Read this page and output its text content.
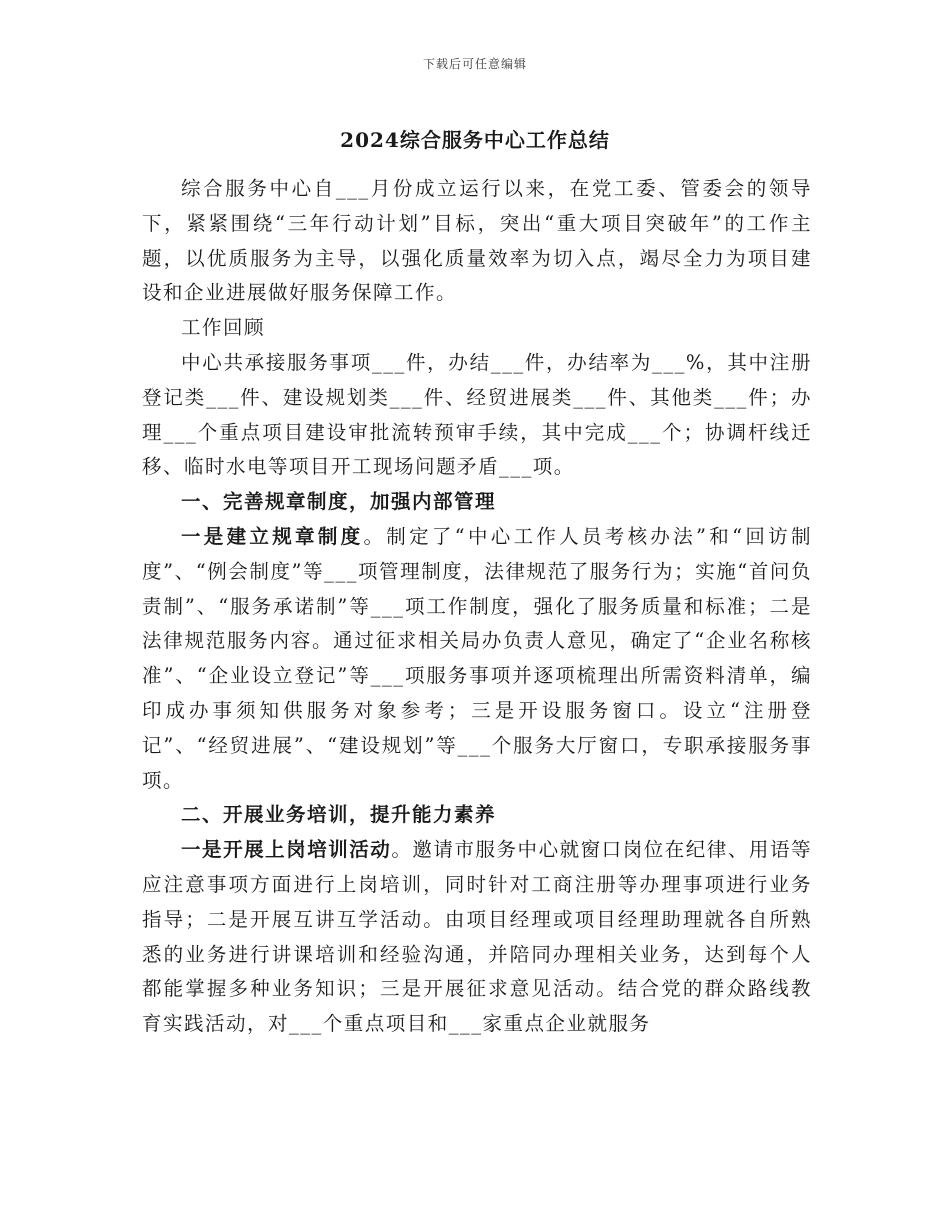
下载后可任意编辑
2024综合服务中心工作总结

综合服务中心自___月份成立运行以来，在党工委、管委会的领导下，紧紧围绕“三年行动计划”目标，突出“重大项目突破年”的工作主题，以优质服务为主导，以强化质量效率为切入点，竭尽全力为项目建设和企业进展做好服务保障工作。

工作回顾

中心共承接服务事项___件，办结___件，办结率为___%，其中注册登记类___件、建设规划类___件、经贸进展类___件、其他类___件；办理___个重点项目建设审批流转预审手续，其中完成___个；协调杆线迁移、临时水电等项目开工现场问题矛盾___项。

一、完善规章制度，加强内部管理

一是建立规章制度。制定了“中心工作人员考核办法”和“回访制度”、“例会制度”等___项管理制度，法律规范了服务行为；实施“首问负责制”、“服务承诺制”等___项工作制度，强化了服务质量和标准；二是法律规范服务内容。通过征求相关局办负责人意见，确定了“企业名称核准”、“企业设立登记”等___项服务事项并逐项梳理出所需资料清单，编印成办事须知供服务对象参考；三是开设服务窗口。设立“注册登记”、“经贸进展”、“建设规划”等___个服务大厅窗口，专职承接服务事项。

二、开展业务培训，提升能力素养

一是开展上岗培训活动。邀请市服务中心就窗口岗位在纪律、用语等应注意事项方面进行上岗培训，同时针对工商注册等办理事项进行业务指导；二是开展互讲互学活动。由项目经理或项目经理助理就各自所熟悉的业务进行讲课培训和经验沟通，并陪同办理相关业务，达到每个人都能掌握多种业务知识；三是开展征求意见活动。结合党的群众路线教育实践活动，对___个重点项目和___家重点企业就服务
